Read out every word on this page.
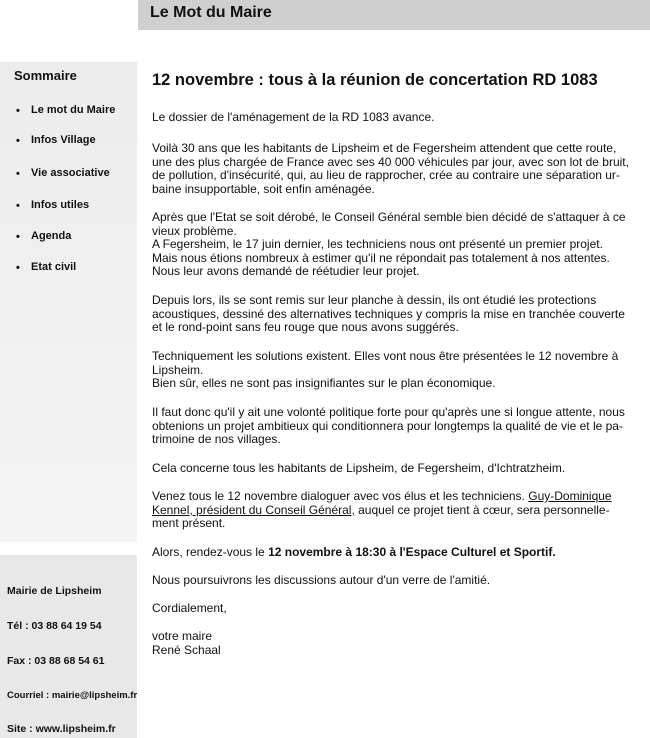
Le Mot du Maire
Sommaire
• Le mot du Maire
• Infos Village
• Vie associative
• Infos utiles
• Agenda
• Etat civil
Mairie de Lipsheim
Tél : 03 88 64 19 54
Fax : 03 88 68 54 61
Courriel : mairie@lipsheim.fr
Site : www.lipsheim.fr
12 novembre : tous à la réunion de concertation RD 1083

Le dossier de l'aménagement de la RD 1083 avance.

Voilà 30 ans que les habitants de Lipsheim et de Fegersheim attendent que cette route,
une des plus chargée de France avec ses 40 000 véhicules par jour, avec son lot de bruit,
de pollution, d'insécurité, qui, au lieu de rapprocher, crée au contraire une séparation ur-
baine insupportable, soit enfin aménagée.

Après que l'Etat se soit dérobé, le Conseil Général semble bien décidé de s'attaquer à ce
vieux problème.
A Fegersheim, le 17 juin dernier, les techniciens nous ont présenté un premier projet.
Mais nous étions nombreux à estimer qu'il ne répondait pas totalement à nos attentes.
Nous leur avons demandé de réétudier leur projet.

Depuis lors, ils se sont remis sur leur planche à dessin, ils ont étudié les protections
acoustiques, dessiné des alternatives techniques y compris la mise en tranchée couverte
et le rond-point sans feu rouge que nous avons suggérés.

Techniquement les solutions existent. Elles vont nous être présentées le 12 novembre à
Lipsheim.
Bien sûr, elles ne sont pas insignifiantes sur le plan économique.

Il faut donc qu'il y ait une volonté politique forte pour qu'après une si longue attente, nous
obtenions un projet ambitieux qui conditionnera pour longtemps la qualité de vie et le pa-
trimoine de nos villages.

Cela concerne tous les habitants de Lipsheim, de Fegersheim, d'Ichtratzheim.

Venez tous le 12 novembre dialoguer avec vos élus et les techniciens. Guy-Dominique
Kennel, président du Conseil Général, auquel ce projet tient à cœur, sera personnelle-
ment présent.

Alors, rendez-vous le 12 novembre à 18:30 à l'Espace Culturel et Sportif.

Nous poursuivrons les discussions autour d'un verre de l'amitié.

Cordialement,

votre maire
René Schaal
